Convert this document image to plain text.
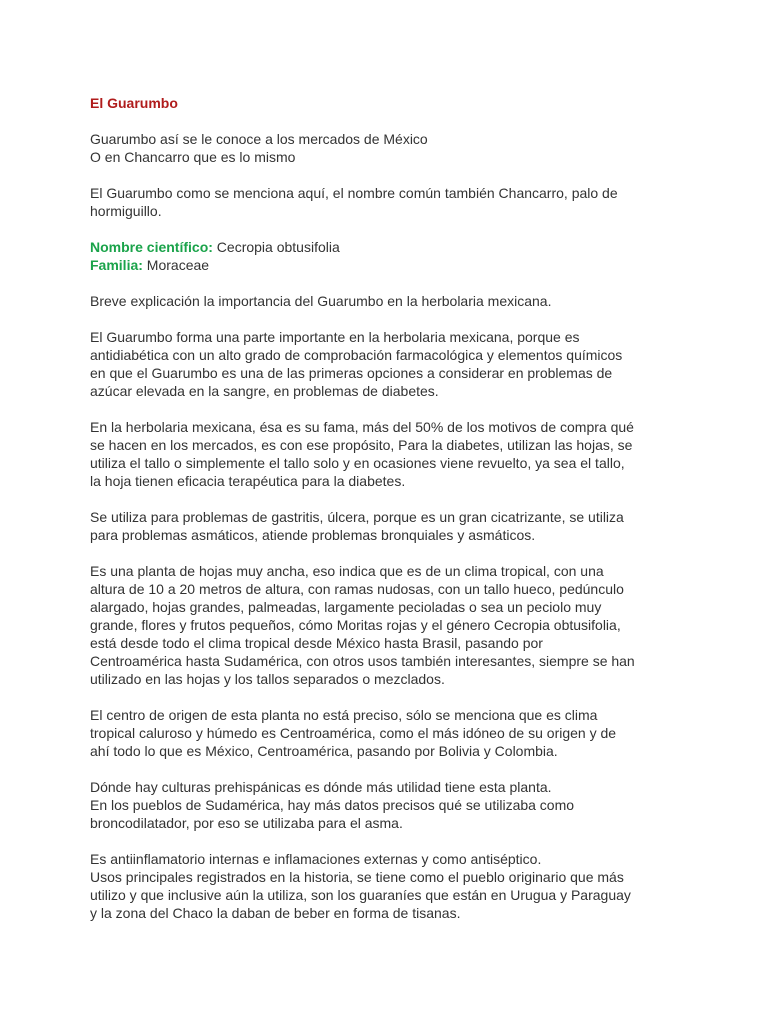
El Guarumbo

Guarumbo así se le conoce a los mercados de México
O en Chancarro que es lo mismo

El Guarumbo como se menciona aquí, el nombre común también Chancarro, palo de
hormiguillo.

Nombre científico: Cecropia obtusifolia
Familia: Moraceae

Breve explicación la importancia del Guarumbo en la herbolaria mexicana.

El Guarumbo forma una parte importante en la herbolaria mexicana, porque es
antidiabética con un alto grado de comprobación farmacológica y elementos químicos
en que el Guarumbo es una de las primeras opciones a considerar en problemas de
azúcar elevada en la sangre, en problemas de diabetes.

En la herbolaria mexicana, ésa es su fama, más del 50% de los motivos de compra qué
se hacen en los mercados, es con ese propósito, Para la diabetes, utilizan las hojas, se
utiliza el tallo o simplemente el tallo solo y en ocasiones viene revuelto, ya sea el tallo,
la hoja tienen eficacia terapéutica para la diabetes.

Se utiliza para problemas de gastritis, úlcera, porque es un gran cicatrizante, se utiliza
para problemas asmáticos, atiende problemas bronquiales y asmáticos.

Es una planta de hojas muy ancha, eso indica que es de un clima tropical, con una
altura de 10 a 20 metros de altura, con ramas nudosas, con un tallo hueco, pedúnculo
alargado, hojas grandes, palmeadas, largamente pecioladas o sea un peciolo muy
grande, flores y frutos pequeños, cómo Moritas rojas y el género Cecropia obtusifolia,
está desde todo el clima tropical desde México hasta Brasil, pasando por
Centroamérica hasta Sudamérica, con otros usos también interesantes, siempre se han
utilizado en las hojas y los tallos separados o mezclados.

El centro de origen de esta planta no está preciso, sólo se menciona que es clima
tropical caluroso y húmedo es Centroamérica, como el más idóneo de su origen y de
ahí todo lo que es México, Centroamérica, pasando por Bolivia y Colombia.

Dónde hay culturas prehispánicas es dónde más utilidad tiene esta planta.
En los pueblos de Sudamérica, hay más datos precisos qué se utilizaba como
broncodilatador, por eso se utilizaba para el asma.

Es antiinflamatorio internas e inflamaciones externas y como antiséptico.
Usos principales registrados en la historia, se tiene como el pueblo originario que más
utilizo y que inclusive aún la utiliza, son los guaraníes que están en Urugua y Paraguay
y la zona del Chaco la daban de beber en forma de tisanas.
